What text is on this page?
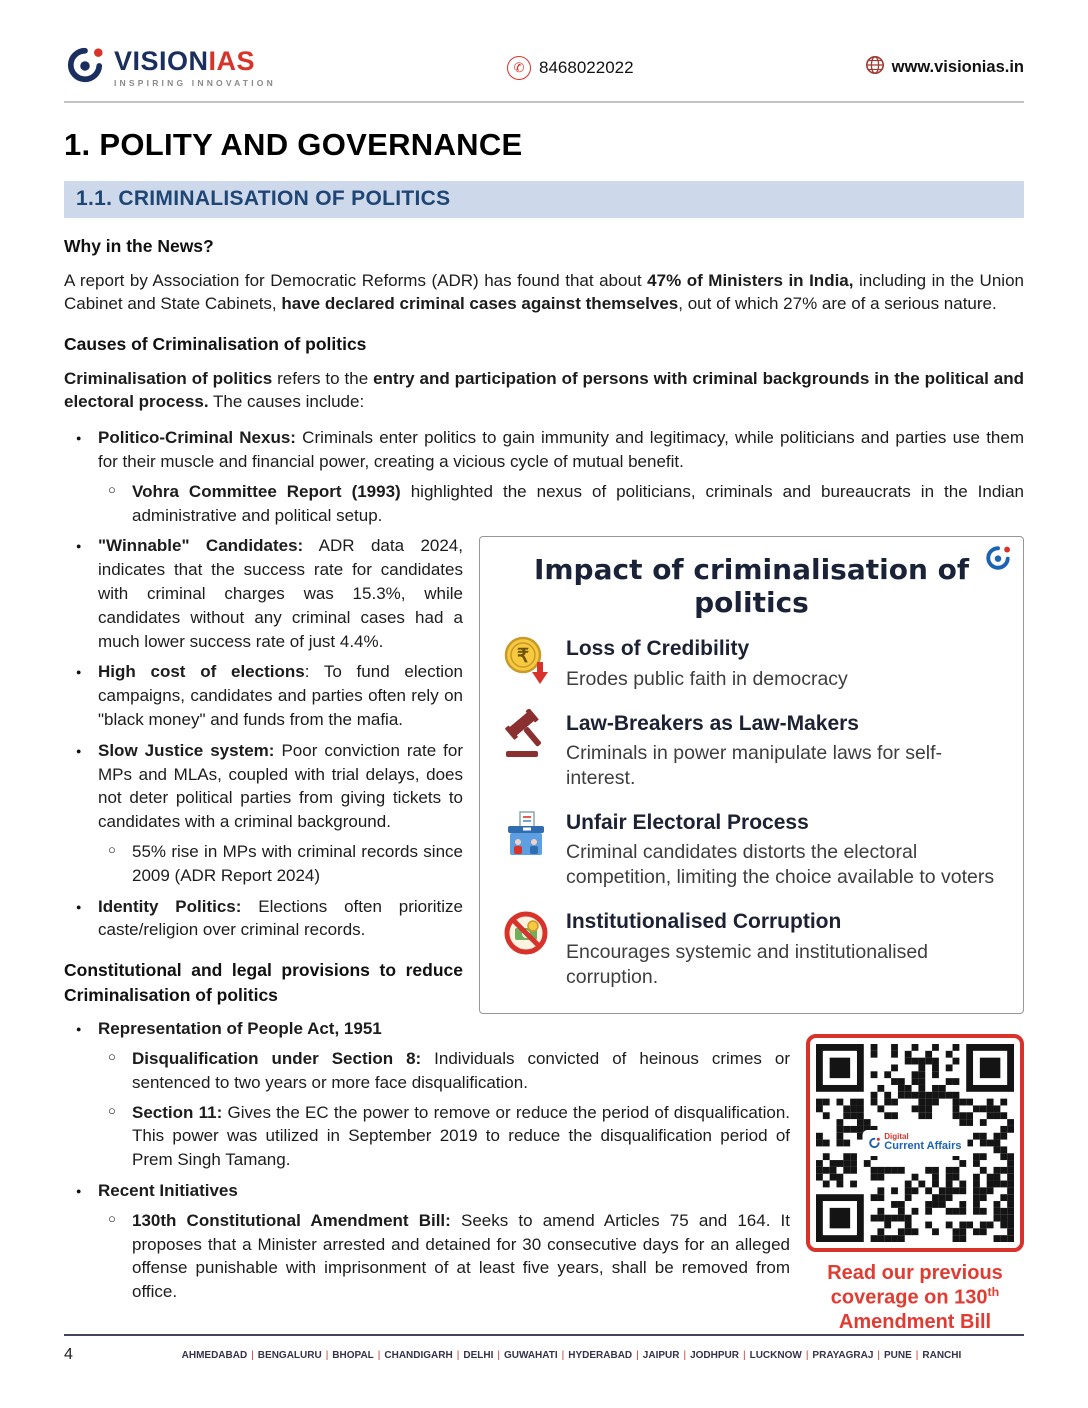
VISIONIAS
INSPIRING INNOVATION
✆ 8468022022	www.visionias.in
1. POLITY AND GOVERNANCE
1.1. CRIMINALISATION OF POLITICS
Why in the News?

A report by Association for Democratic Reforms (ADR) has found that about 47% of Ministers in India, including in the Union Cabinet and State Cabinets, have declared criminal cases against themselves, out of which 27% are of a serious nature.

Causes of Criminalisation of politics

Criminalisation of politics refers to the entry and participation of persons with criminal backgrounds in the political and electoral process. The causes include:

● Politico-Criminal Nexus: Criminals enter politics to gain immunity and legitimacy, while politicians and parties use them for their muscle and financial power, creating a vicious cycle of mutual benefit.
○ Vohra Committee Report (1993) highlighted the nexus of politicians, criminals and bureaucrats in the Indian administrative and political setup.
● Impact of criminalisation of politics
₹ Loss of Credibility
Erodes public faith in democracy
Law-Breakers as Law-Makers
Criminals in power manipulate laws for self-interest.
Unfair Electoral Process
Criminal candidates distorts the electoral competition, limiting the choice available to voters
Institutionalised Corruption
Encourages systemic and institutionalised corruption.
"Winnable" Candidates: ADR data 2024, indicates that the success rate for candidates with criminal charges was 15.3%, while candidates without any criminal cases had a much lower success rate of just 4.4%.
● High cost of elections: To fund election campaigns, candidates and parties often rely on "black money" and funds from the mafia.
● Slow Justice system: Poor conviction rate for MPs and MLAs, coupled with trial delays, does not deter political parties from giving tickets to candidates with a criminal background.
○ 55% rise in MPs with criminal records since 2009 (ADR Report 2024)
● Identity Politics: Elections often prioritize caste/religion over criminal records.
Constitutional and legal provisions to reduce Criminalisation of politics
● Digital
Current Affairs
Read our previous coverage on 130th Amendment Bill
Representation of People Act, 1951
○ Disqualification under Section 8: Individuals convicted of heinous crimes or sentenced to two years or more face disqualification.
○ Section 11: Gives the EC the power to remove or reduce the period of disqualification. This power was utilized in September 2019 to reduce the disqualification period of Prem Singh Tamang.
● Recent Initiatives
○ 130th Constitutional Amendment Bill: Seeks to amend Articles 75 and 164. It proposes that a Minister arrested and detained for 30 consecutive days for an alleged offense punishable with imprisonment of at least five years, shall be removed from office.
4	AHMEDABAD | BENGALURU | BHOPAL | CHANDIGARH | DELHI | GUWAHATI | HYDERABAD | JAIPUR | JODHPUR | LUCKNOW | PRAYAGRAJ | PUNE | RANCHI
